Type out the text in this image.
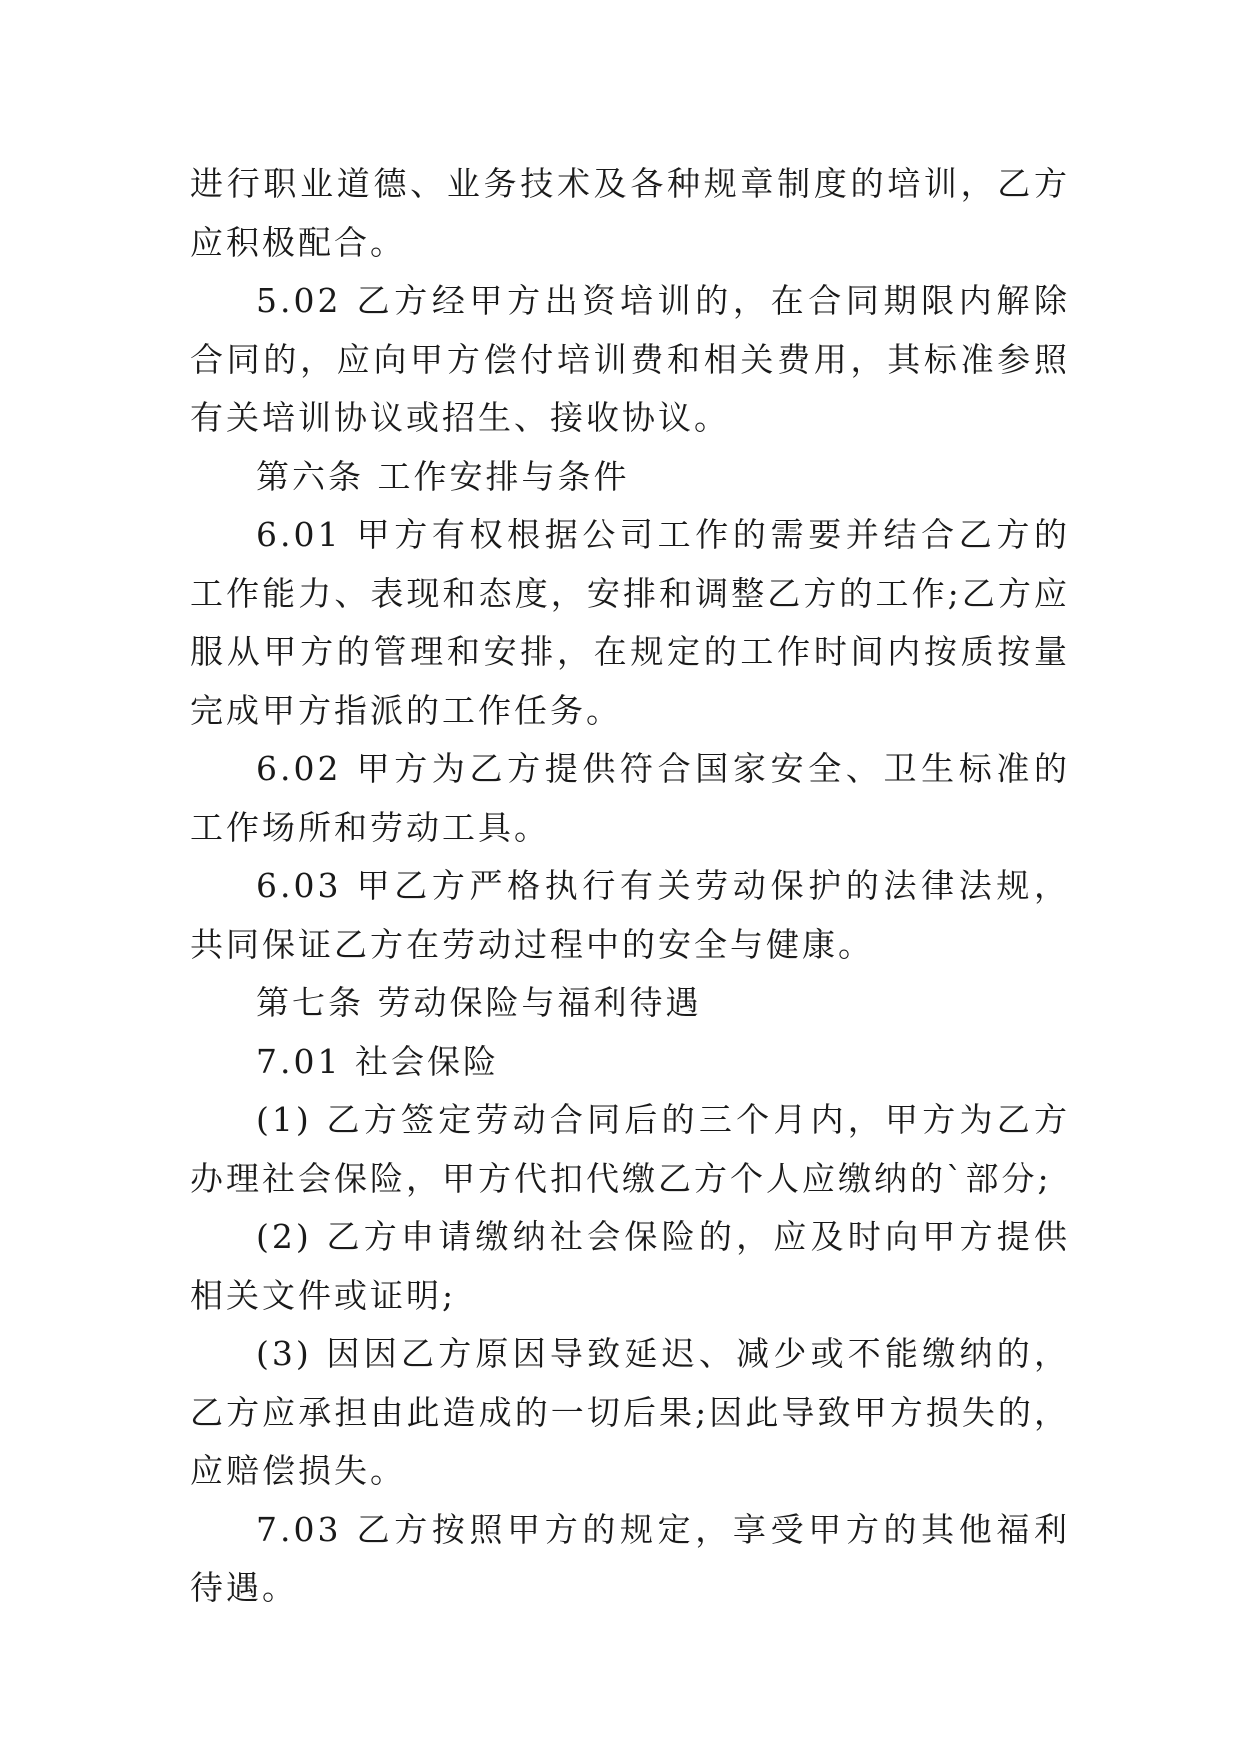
进行职业道德、业务技术及各种规章制度的培训，乙方应积极配合。

5.02 乙方经甲方出资培训的，在合同期限内解除合同的，应向甲方偿付培训费和相关费用，其标准参照有关培训协议或招生、接收协议。

第六条 工作安排与条件

6.01 甲方有权根据公司工作的需要并结合乙方的工作能力、表现和态度，安排和调整乙方的工作;乙方应服从甲方的管理和安排，在规定的工作时间内按质按量完成甲方指派的工作任务。

6.02 甲方为乙方提供符合国家安全、卫生标准的工作场所和劳动工具。

6.03 甲乙方严格执行有关劳动保护的法律法规，共同保证乙方在劳动过程中的安全与健康。

第七条 劳动保险与福利待遇

7.01 社会保险

(1) 乙方签定劳动合同后的三个月内，甲方为乙方办理社会保险，甲方代扣代缴乙方个人应缴纳的`部分;

(2) 乙方申请缴纳社会保险的，应及时向甲方提供相关文件或证明;

(3) 因因乙方原因导致延迟、减少或不能缴纳的，乙方应承担由此造成的一切后果;因此导致甲方损失的，应赔偿损失。

7.03 乙方按照甲方的规定，享受甲方的其他福利待遇。
